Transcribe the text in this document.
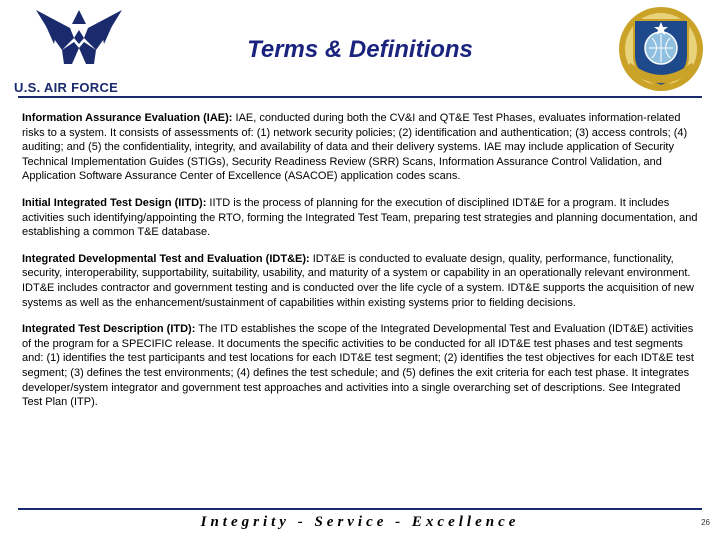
U.S. AIR FORCE
Terms & Definitions

Information Assurance Evaluation (IAE): IAE, conducted during both the CV&I and QT&E Test Phases, evaluates information-related risks to a system. It consists of assessments of: (1) network security policies; (2) identification and authentication; (3) access controls; (4) auditing; and (5) the confidentiality, integrity, and availability of data and their delivery systems. IAE may include application of Security Technical Implementation Guides (STIGs), Security Readiness Review (SRR) Scans, Information Assurance Control Validation, and Application Software Assurance Center of Excellence (ASACOE) application codes scans.

Initial Integrated Test Design (IITD): IITD is the process of planning for the execution of disciplined IDT&E for a program. It includes activities such identifying/appointing the RTO, forming the Integrated Test Team, preparing test strategies and planning documentation, and establishing a common T&E database.

Integrated Developmental Test and Evaluation (IDT&E): IDT&E is conducted to evaluate design, quality, performance, functionality, security, interoperability, supportability, suitability, usability, and maturity of a system or capability in an operationally relevant environment. IDT&E includes contractor and government testing and is conducted over the life cycle of a system. IDT&E supports the acquisition of new systems as well as the enhancement/sustainment of capabilities within existing systems prior to fielding decisions.

Integrated Test Description (ITD): The ITD establishes the scope of the Integrated Developmental Test and Evaluation (IDT&E) activities of the program for a SPECIFIC release. It documents the specific activities to be conducted for all IDT&E test phases and test segments and: (1) identifies the test participants and test locations for each IDT&E test segment; (2) identifies the test objectives for each IDT&E test segment; (3) defines the test environments; (4) defines the test schedule; and (5) defines the exit criteria for each test phase. It integrates developer/system integrator and government test approaches and activities into a single overarching set of descriptions. See Integrated Test Plan (ITP).

Integrity - Service - Excellence	26
